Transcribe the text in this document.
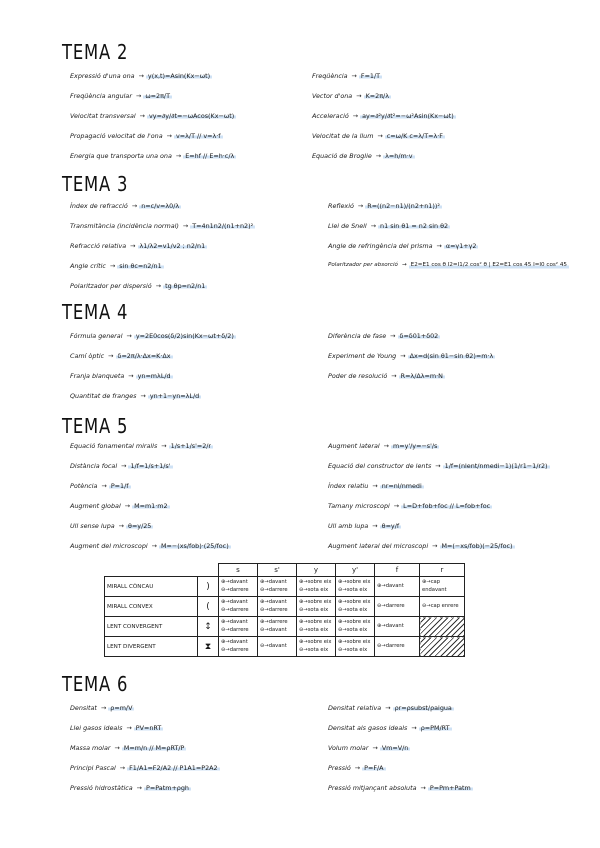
TEMA 2
Expressió d'una ona → y(x,t)=Asin(Kx−ωt)
Freqüència angular → ω=2π/T
Velocitat transversal → vy=∂y/∂t=−ωAcos(Kx−ωt)
Propagació velocitat de l'ona → v=λ/T // v=λ·f
Energia que transporta una ona → E=hf // E=h·c/λ
Freqüència → F=1/T
Vector d'ona → K=2π/λ
Acceleració → ay=∂²y/∂t²=−ω²Asin(Kx−ωt)
Velocitat de la llum → c=ω/K c=λ/T=λ·F
Equació de Broglie → λ=h/m·v
TEMA 3
Índex de refracció → n=c/v=λ0/λ
Transmitància (incidència normal) → T=4n1n2/(n1+n2)²
Refracció relativa → λ1/λ2=v1/v2 ; n2/n1
Angle crític → sin θc=n2/n1
Polaritzador per dispersió → tg θp=n2/n1
Reflexió → R=((n2−n1)/(n2+n1))²
Llei de Snell → n1 sin θ1 = n2 sin θ2
Angle de refringència del prisma → α=γ1+γ2
Polaritzador per absorció → E2=E1 cos θ I2=I1/2 cos² θ | E2=E1 cos 45 I=I0 cos² 45
TEMA 4
Fórmula general → y=2E0cos(δ/2)sin(Kx−ωt+δ/2)
Camí òptic → δ=2π/λ·Δx=K·Δx
Franja blanqueta → yn=mλL/d
Quantitat de franges → yn+1−yn=λL/d
Diferència de fase → δ=δ01+δ02
Experiment de Young → Δx=d(sin θ1−sin θ2)=m·λ
Poder de resolució → R=λ/Δλ=m·N
TEMA 5
Equació fonamental miralls → 1/s+1/s'=2/r
Distància focal → 1/f=1/s+1/s'
Potència → P=1/f
Augment global → M=m1·m2
Ull sense lupa → θ=y/25
Augment del microscopi → M=−(xs/fob)·(25/foc)
Augment lateral → m=y'/y=−s'/s
Equació del constructor de lents → 1/f=(nlent/nmedi−1)(1/r1−1/r2)
Índex relatiu → nr=nl/nmedi
Tamany microscopi → L=D+fob+foc // L=fob+foc
Ull amb lupa → θ=y/f
Augment lateral del microscopi → M=(−xs/fob)(−25/foc)
		s	s'	y	y'	f	r
MIRALL CÒNCAU	)	⊕→davant ⊖→darrere	⊕→davant ⊖→darrere	⊕→sobre eix ⊖→sota eix	⊕→sobre eix ⊖→sota eix	⊕→davant	⊕→cap endavant
MIRALL CONVEX	(	⊕→davant ⊖→darrere	⊕→davant ⊖→darrere	⊕→sobre eix ⊖→sota eix	⊕→sobre eix ⊖→sota eix	⊖→darrere	⊖→cap enrere
LENT CONVERGENT	↕	⊕→davant ⊖→darrere	⊕→darrere ⊖→davant	⊕→sobre eix ⊖→sota eix	⊕→sobre eix ⊖→sota eix	⊕→davant	
LENT DIVERGENT	⧗	⊕→davant ⊖→darrere	⊖→davant	⊕→sobre eix ⊖→sota eix	⊕→sobre eix ⊖→sota eix	⊖→darrere	
TEMA 6
Densitat → ρ=m/V
Llei gasos ideals → PV=nRT
Massa molar → M=m/n // M=ρRT/P
Principi Pascal → F1/A1=F2/A2 // P1A1=P2A2
Pressió hidrostàtica → P=Patm+ρgh
Densitat relativa → ρr=ρsubst/ρaigua
Densitat als gasos ideals → ρ=PM/RT
Volum molar → Vm=V/n
Pressió → P=F/A
Pressió mitjançant absoluta → P=Pm+Patm
